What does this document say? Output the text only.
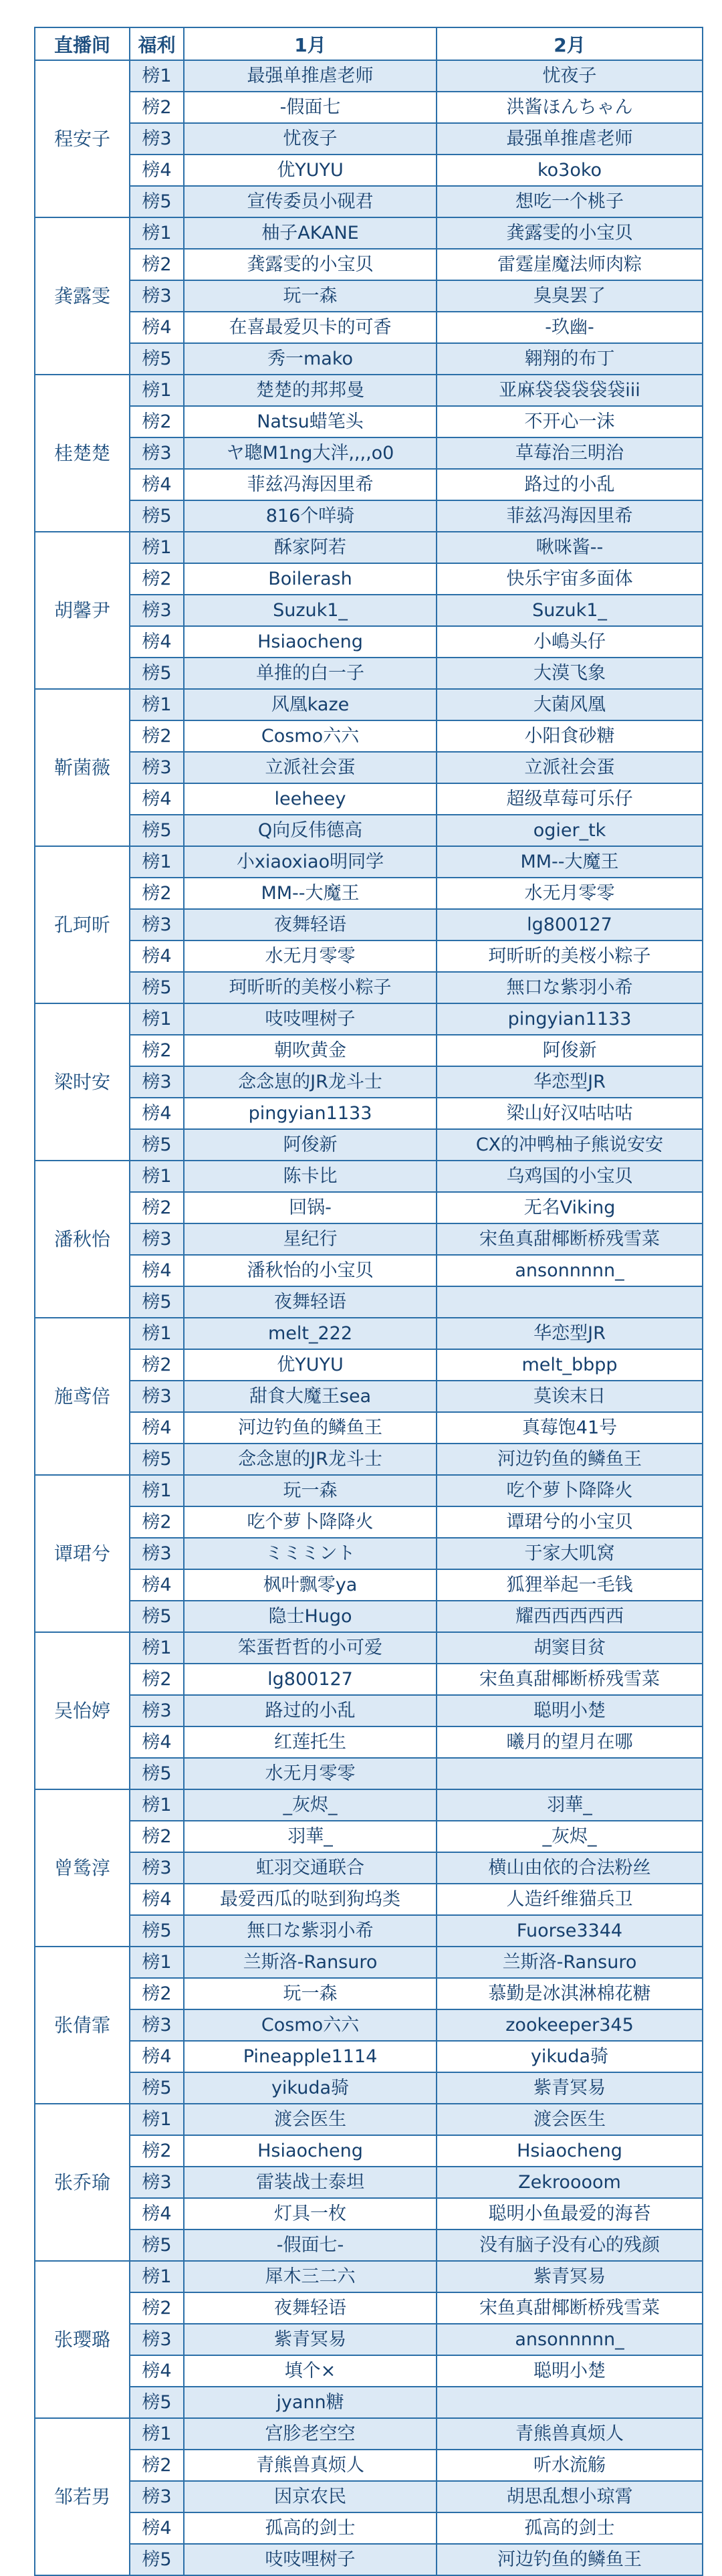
直播间	福利	1月	2月
程安子	榜1	最强单推虐老师	忧夜子
	榜2	-假面七	洪酱ほんちゃん
	榜3	忧夜子	最强单推虐老师
	榜4	优YUYU	ko3oko
	榜5	宣传委员小砚君	想吃一个桃子
龚露雯	榜1	柚子AKANE	龚露雯的小宝贝
	榜2	龚露雯的小宝贝	雷霆崖魔法师肉粽
	榜3	玩一森	臭臭罢了
	榜4	在喜最爱贝卡的可香	-玖幽-
	榜5	秀一mako	翱翔的布丁
桂楚楚	榜1	楚楚的邦邦曼	亚麻袋袋袋袋袋iii
	榜2	Natsu蜡笔头	不开心一沫
	榜3	ヤ聰M1ng大泮,,,,o0	草莓治三明治
	榜4	菲兹冯海因里希	路过的小乱
	榜5	816个咩骑	菲兹冯海因里希
胡馨尹	榜1	酥家阿若	啾咪酱--
	榜2	Boilerash	快乐宇宙多面体
	榜3	Suzuk1_	Suzuk1_
	榜4	Hsiaocheng	小嶋头仔
	榜5	单推的白一子	大漠飞象
靳菌薇	榜1	风凰kaze	大菌风凰
	榜2	Cosmo六六	小阳食砂糖
	榜3	立派社会蛋	立派社会蛋
	榜4	leeheey	超级草莓可乐仔
	榜5	Q向反伟德高	ogier_tk
孔珂昕	榜1	小xiaoxiao明同学	MM--大魔王
	榜2	MM--大魔王	水无月零零
	榜3	夜舞轻语	lg800127
	榜4	水无月零零	珂昕昕的美桜小粽子
	榜5	珂昕昕的美桜小粽子	無口な紫羽小希
梁时安	榜1	吱吱哩树子	pingyian1133
	榜2	朝吹黄金	阿俊新
	榜3	念念崽的JR龙斗士	华恋型JR
	榜4	pingyian1133	梁山好汉咕咕咕
	榜5	阿俊新	CX的冲鸭柚子熊说安安
潘秋怡	榜1	陈卡比	乌鸡国的小宝贝
	榜2	回锅-	无名Viking
	榜3	星纪行	宋鱼真甜椰断桥残雪菜
	榜4	潘秋怡的小宝贝	ansonnnnn_
	榜5	夜舞轻语	
施鸢倍	榜1	melt_222	华恋型JR
	榜2	优YUYU	melt_bbpp
	榜3	甜食大魔王sea	莫诶末日
	榜4	河边钓鱼的鳞鱼王	真莓饱41号
	榜5	念念崽的JR龙斗士	河边钓鱼的鳞鱼王
谭珺兮	榜1	玩一森	吃个萝卜降降火
	榜2	吃个萝卜降降火	谭珺兮的小宝贝
	榜3	ミミミント	于家大叽窝
	榜4	枫叶飘零ya	狐狸举起一毛钱
	榜5	隐士Hugo	耀西西西西西
吴怡婷	榜1	笨蛋哲哲的小可爱	胡窦目贫
	榜2	lg800127	宋鱼真甜椰断桥残雪菜
	榜3	路过的小乱	聪明小楚
	榜4	红莲托生	曦月的望月在哪
	榜5	水无月零零	
曾鸶淳	榜1	_灰烬_	羽華_
	榜2	羽華_	_灰烬_
	榜3	虹羽交通联合	横山由依的合法粉丝
	榜4	最爱西瓜的哒到狗坞类	人造纤维猫兵卫
	榜5	無口な紫羽小希	Fuorse3344
张倩霏	榜1	兰斯洛-Ransuro	兰斯洛-Ransuro
	榜2	玩一森	慕勤是冰淇淋棉花糖
	榜3	Cosmo六六	zookeeper345
	榜4	Pineapple1114	yikuda骑
	榜5	yikuda骑	紫青冥易
张乔瑜	榜1	渡会医生	渡会医生
	榜2	Hsiaocheng	Hsiaocheng
	榜3	雷装战士泰坦	Zekroooom
	榜4	灯具一枚	聪明小鱼最爱的海苔
	榜5	-假面七-	没有脑子没有心的残颜
张璎璐	榜1	犀木三二六	紫青冥易
	榜2	夜舞轻语	宋鱼真甜椰断桥残雪菜
	榜3	紫青冥易	ansonnnnn_
	榜4	填个×	聪明小楚
	榜5	jyann糖	
邹若男	榜1	宫胗老空空	青熊兽真烦人
	榜2	青熊兽真烦人	听水流觞
	榜3	因京农民	胡思乱想小琼霄
	榜4	孤高的剑士	孤高的剑士
	榜5	吱吱哩树子	河边钓鱼的鳞鱼王
